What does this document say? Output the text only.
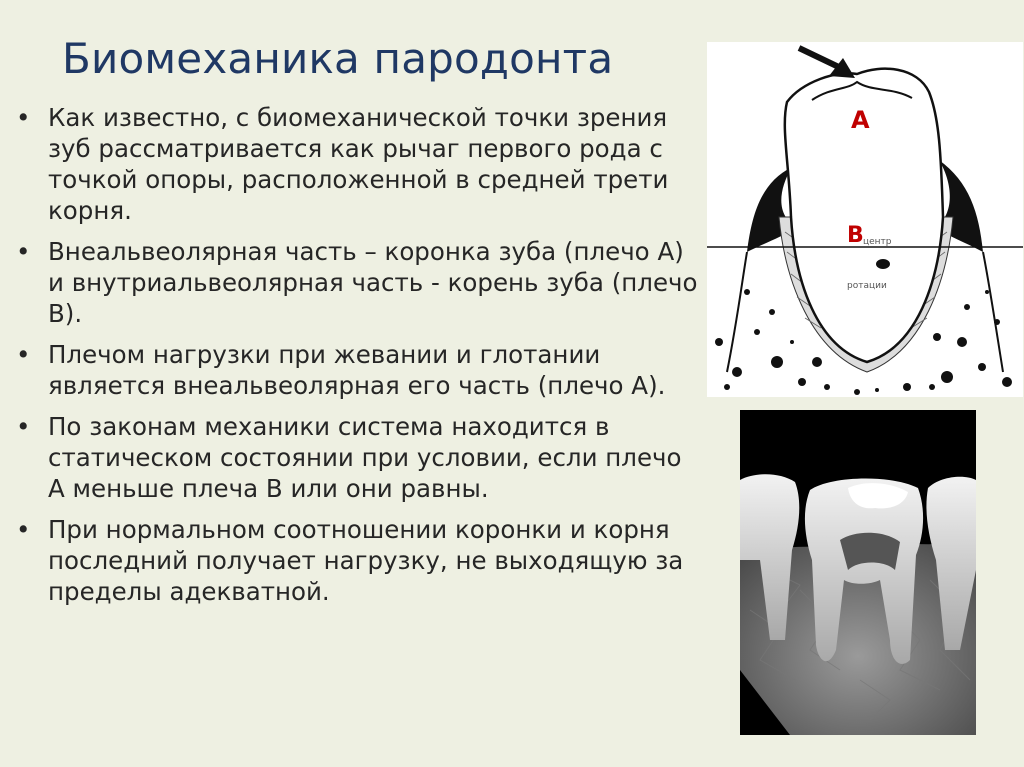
Биомеханика пародонта
• Как известно, с биомеханической точки зрения зуб рассматривается как рычаг первого рода с точкой опоры, расположенной в средней трети корня.
• Внеальвеолярная часть – коронка зуба (плечо А) и внутриальвеолярная часть - корень зуба (плечо В).
• Плечом нагрузки при жевании и глотании является внеальвеолярная его часть (плечо А).
• По законам механики система находится в статическом состоянии при условии, если плечо А меньше плеча В или они равны.
• При нормальном соотношении коронки и корня последний получает нагрузку, не выходящую за пределы адекватной.
А
В центр
ротации
